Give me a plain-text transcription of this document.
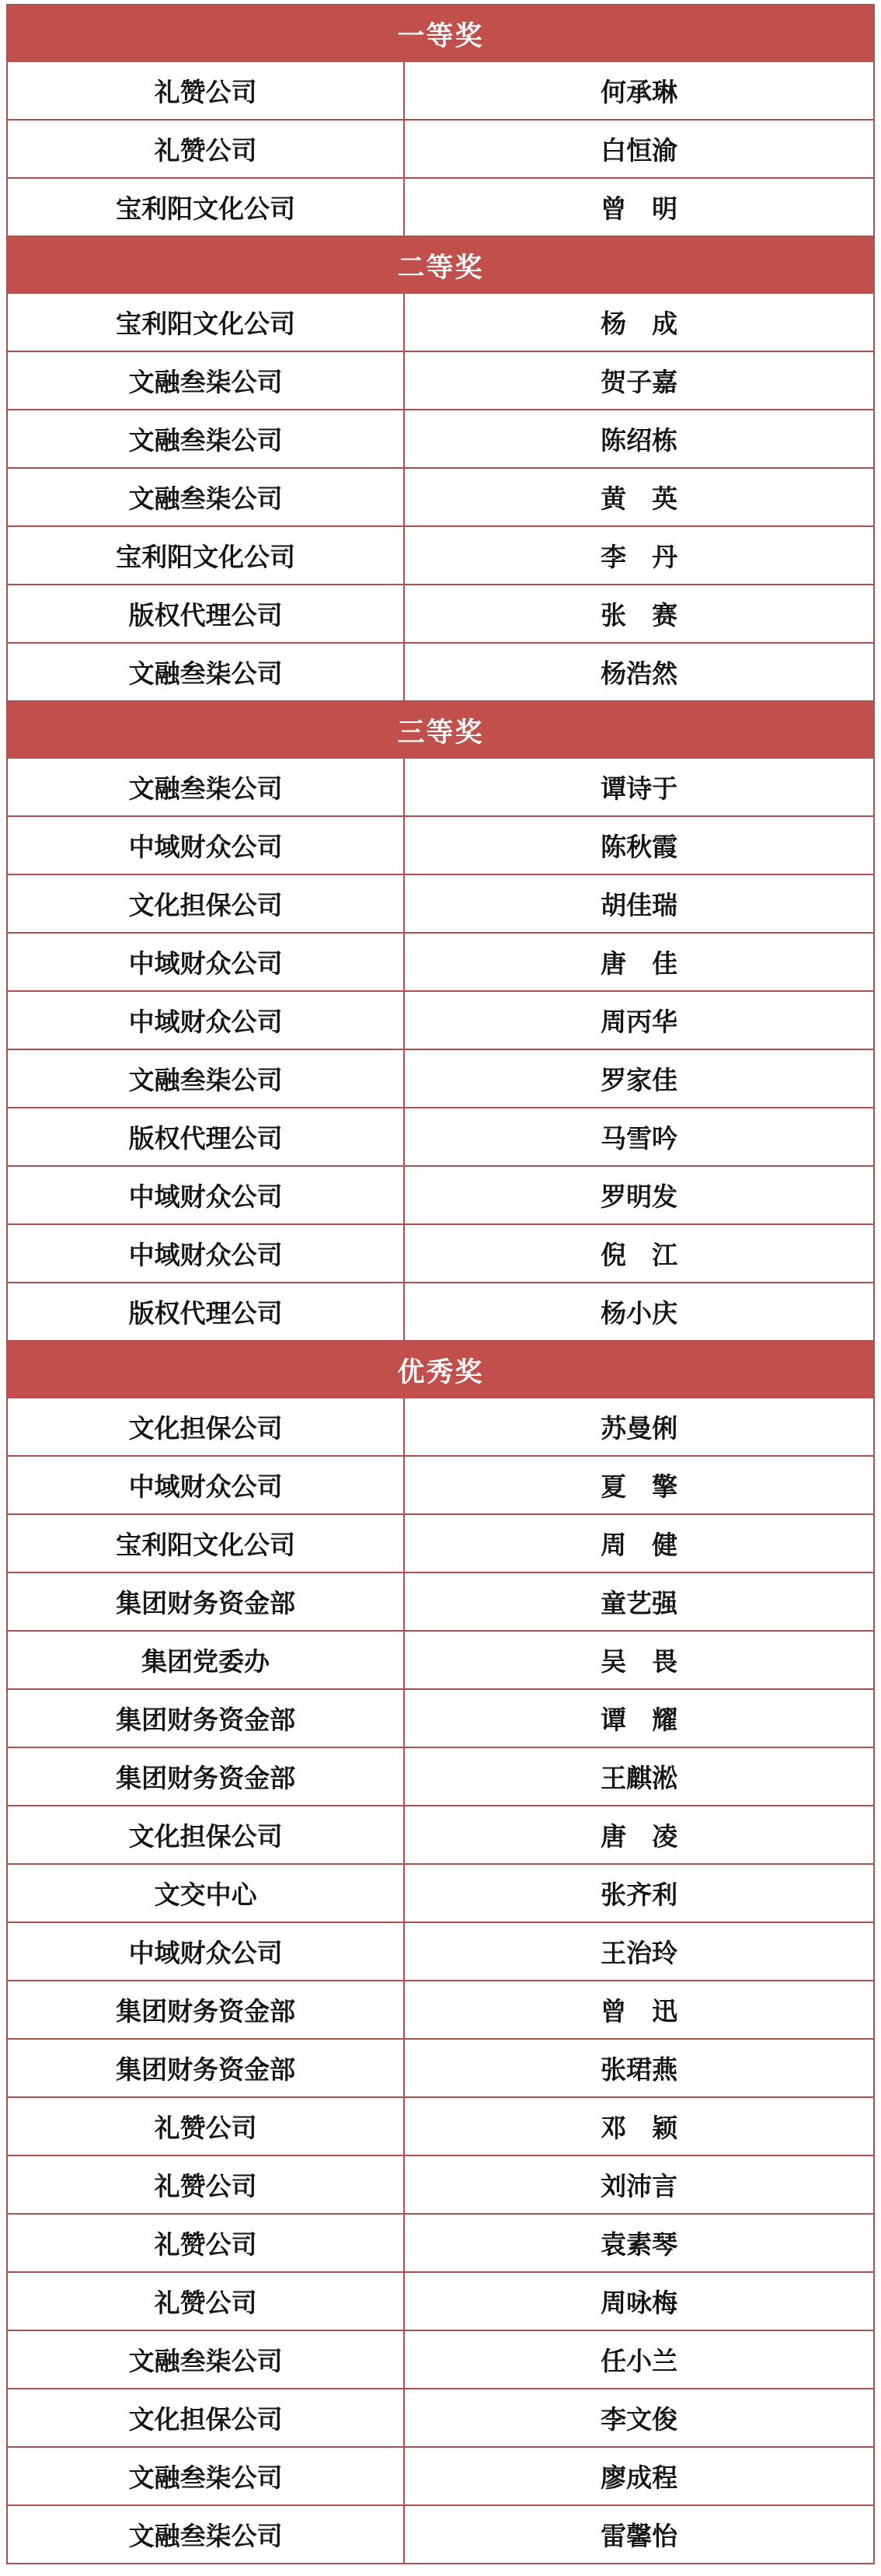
一等奖
礼赞公司	何承琳
礼赞公司	白恒渝
宝利阳文化公司	曾　明
二等奖
宝利阳文化公司	杨　成
文融叁柒公司	贺子嘉
文融叁柒公司	陈绍栋
文融叁柒公司	黄　英
宝利阳文化公司	李　丹
版权代理公司	张　赛
文融叁柒公司	杨浩然
三等奖
文融叁柒公司	谭诗于
中域财众公司	陈秋霞
文化担保公司	胡佳瑞
中域财众公司	唐　佳
中域财众公司	周丙华
文融叁柒公司	罗家佳
版权代理公司	马雪吟
中域财众公司	罗明发
中域财众公司	倪　江
版权代理公司	杨小庆
优秀奖
文化担保公司	苏曼俐
中域财众公司	夏　擎
宝利阳文化公司	周　健
集团财务资金部	童艺强
集团党委办	吴　畏
集团财务资金部	谭　耀
集团财务资金部	王麒淞
文化担保公司	唐　凌
文交中心	张齐利
中域财众公司	王治玲
集团财务资金部	曾　迅
集团财务资金部	张珺燕
礼赞公司	邓　颖
礼赞公司	刘沛言
礼赞公司	袁素琴
礼赞公司	周咏梅
文融叁柒公司	任小兰
文化担保公司	李文俊
文融叁柒公司	廖成程
文融叁柒公司	雷馨怡
